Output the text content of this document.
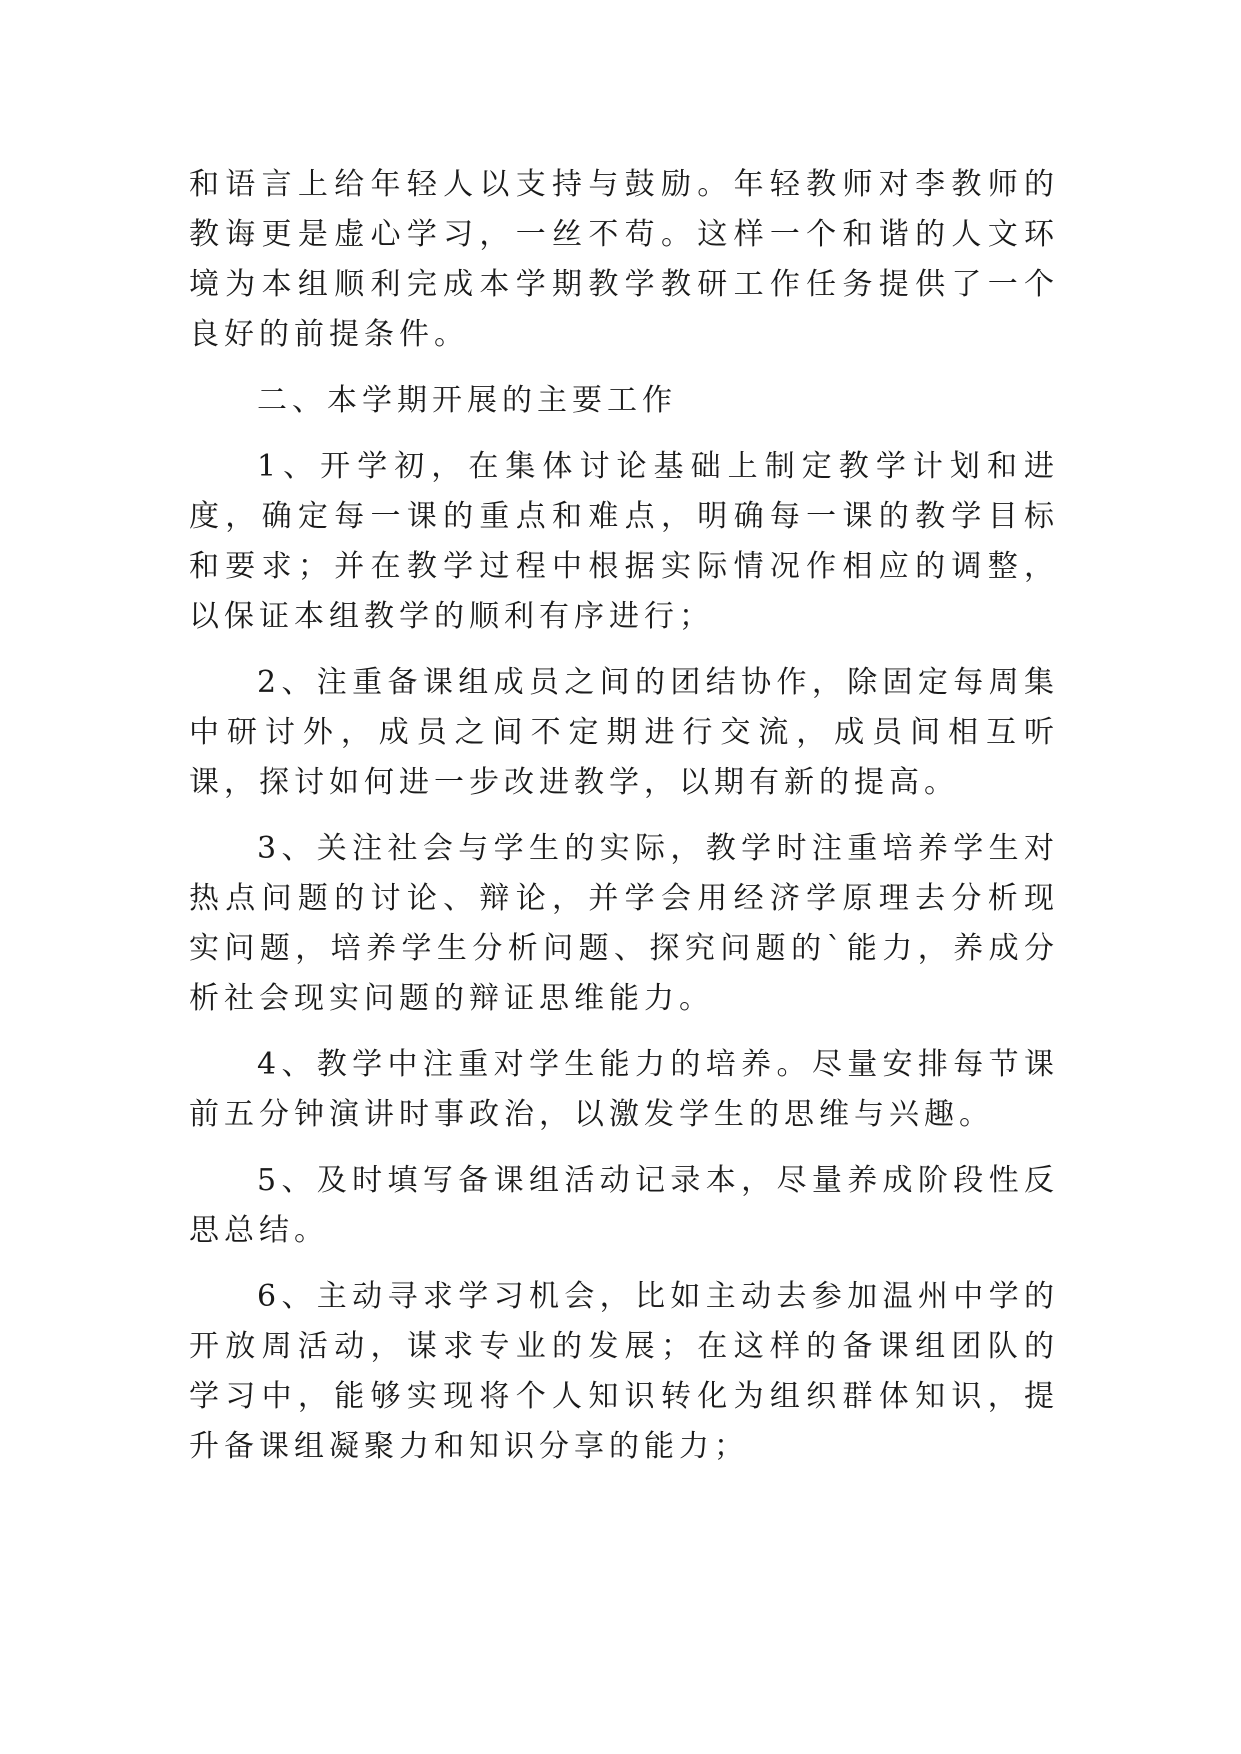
和语言上给年轻人以支持与鼓励。年轻教师对李教师的教诲更是虚心学习，一丝不苟。这样一个和谐的人文环境为本组顺利完成本学期教学教研工作任务提供了一个良好的前提条件。

二、本学期开展的主要工作

1、开学初，在集体讨论基础上制定教学计划和进度，确定每一课的重点和难点，明确每一课的教学目标和要求；并在教学过程中根据实际情况作相应的调整，以保证本组教学的顺利有序进行；

2、注重备课组成员之间的团结协作，除固定每周集中研讨外，成员之间不定期进行交流，成员间相互听课，探讨如何进一步改进教学，以期有新的提高。

3、关注社会与学生的实际，教学时注重培养学生对热点问题的讨论、辩论，并学会用经济学原理去分析现实问题，培养学生分析问题、探究问题的`能力，养成分析社会现实问题的辩证思维能力。

4、教学中注重对学生能力的培养。尽量安排每节课前五分钟演讲时事政治，以激发学生的思维与兴趣。

5、及时填写备课组活动记录本，尽量养成阶段性反思总结。

6、主动寻求学习机会，比如主动去参加温州中学的开放周活动，谋求专业的发展；在这样的备课组团队的学习中，能够实现将个人知识转化为组织群体知识，提升备课组凝聚力和知识分享的能力；
